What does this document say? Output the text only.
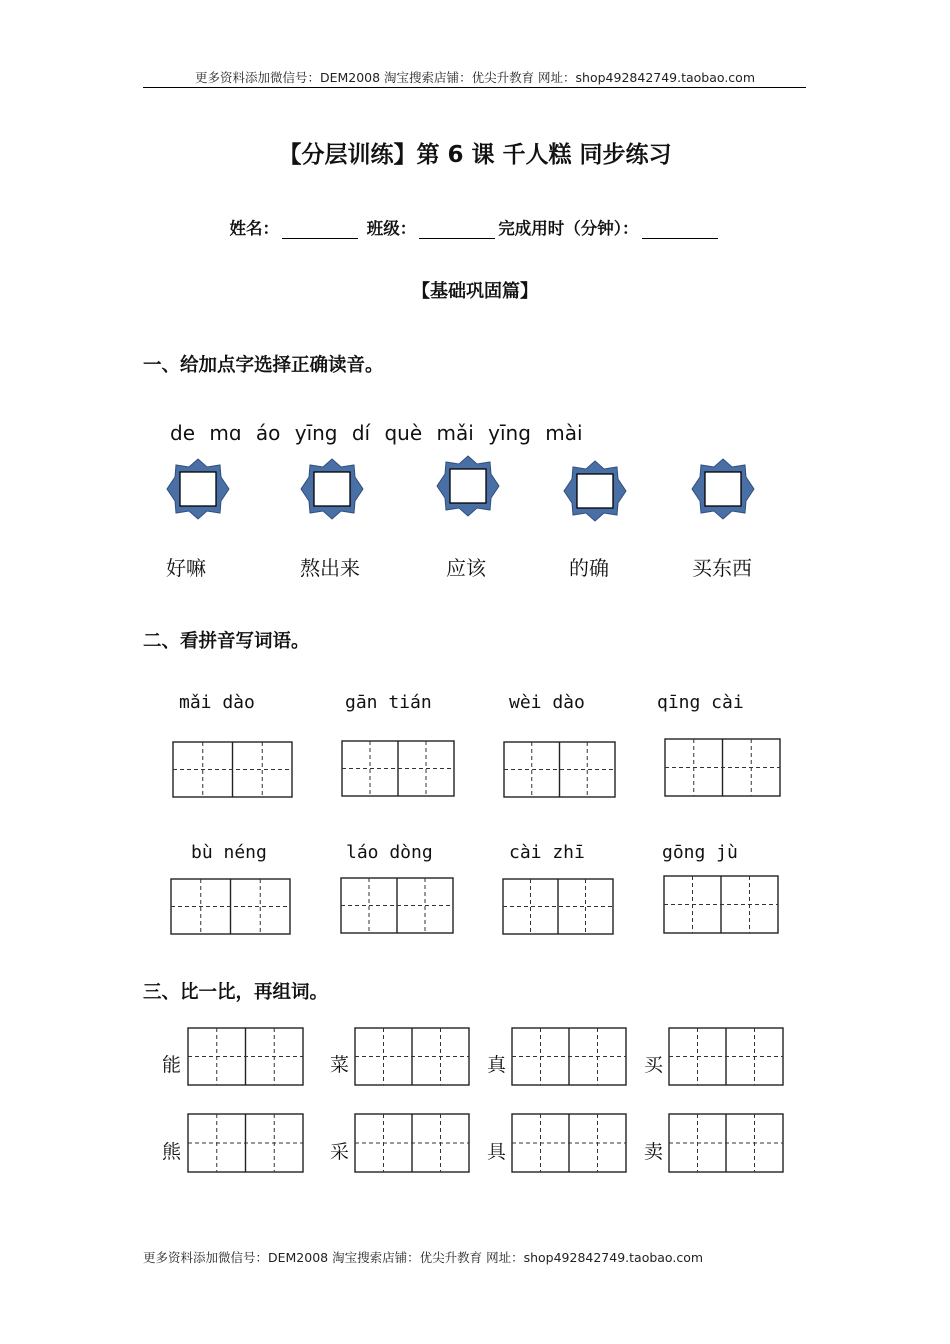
更多资料添加微信号：DEM2008 淘宝搜索店铺：优尖升教育 网址：shop492842749.taobao.com
【分层训练】第 6 课 千人糕 同步练习
姓名：	班级：	完成用时（分钟）：
【基础巩固篇】
一、给加点字选择正确读音。
de mɑ áo yīng dí què mǎi yīng mài
好嘛	熬出来	应该	的确	买东西
二、看拼音写词语。
mǎi dào	gān tián	wèi dào	qīng cài
bù néng	láo dòng	cài zhī	gōng jù
三、比一比，再组词。
能	菜	真	买
熊	采	具	卖
更多资料添加微信号：DEM2008 淘宝搜索店铺：优尖升教育 网址：shop492842749.taobao.com
